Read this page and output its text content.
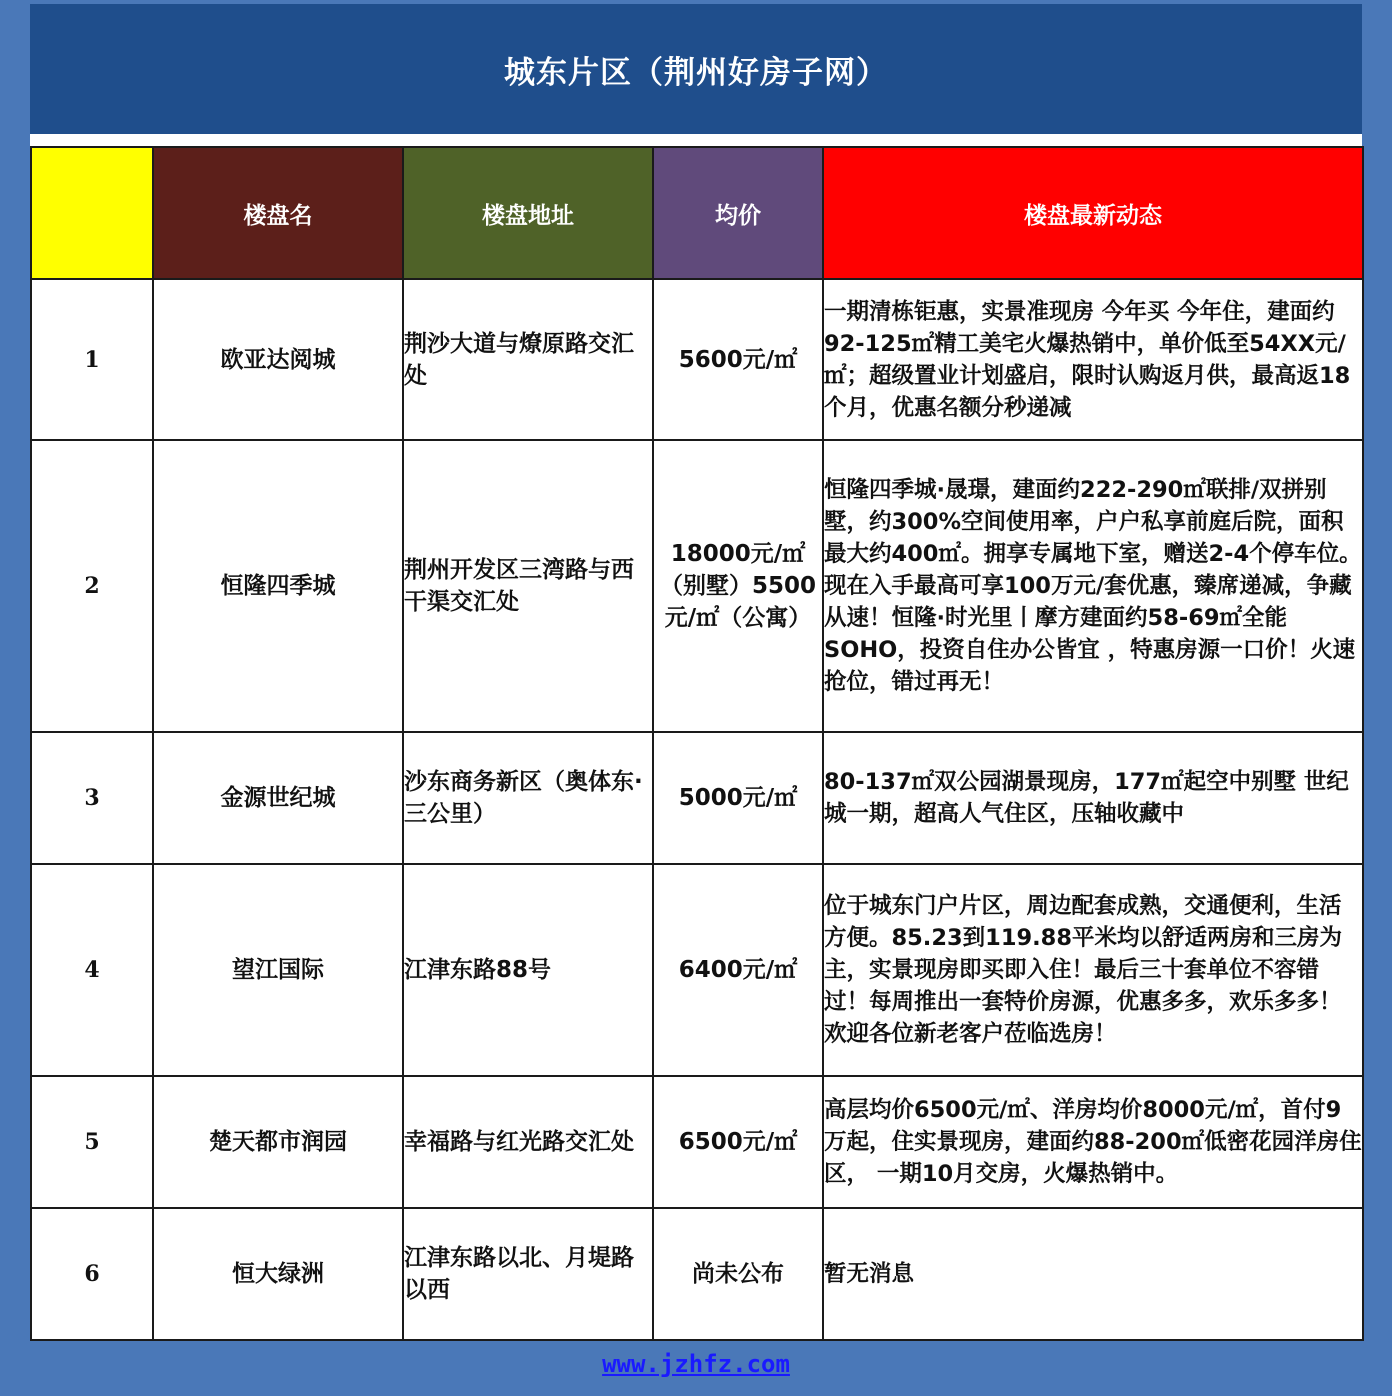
城东片区（荆州好房子网）
	楼盘名	楼盘地址	均价	楼盘最新动态
1	欧亚达阅城	荆沙大道与燎原路交汇处	5600元/㎡	一期清栋钜惠，实景准现房 今年买 今年住，建面约92-125㎡精工美宅火爆热销中，单价低至54XX元/㎡；超级置业计划盛启，限时认购返月供，最高返18个月，优惠名额分秒递减
2	恒隆四季城	荆州开发区三湾路与西干渠交汇处	18000元/㎡（别墅）5500元/㎡（公寓）	恒隆四季城·晟璟，建面约222-290㎡联排/双拼别墅，约300%空间使用率，户户私享前庭后院，面积最大约400㎡。拥享专属地下室，赠送2-4个停车位。现在入手最高可享100万元/套优惠，臻席递减，争藏从速！恒隆·时光里丨摩方建面约58-69㎡全能SOHO，投资自住办公皆宜 ，特惠房源一口价！火速抢位，错过再无！
3	金源世纪城	沙东商务新区（奥体东·三公里）	5000元/㎡	80-137㎡双公园湖景现房，177㎡起空中别墅 世纪城一期，超高人气住区，压轴收藏中
4	望江国际	江津东路88号	6400元/㎡	位于城东门户片区，周边配套成熟，交通便利，生活方便。85.23到119.88平米均以舒适两房和三房为主，实景现房即买即入住！最后三十套单位不容错过！每周推出一套特价房源，优惠多多，欢乐多多！欢迎各位新老客户莅临选房！
5	楚天都市润园	幸福路与红光路交汇处	6500元/㎡	高层均价6500元/㎡、洋房均价8000元/㎡，首付9万起，住实景现房，建面约88-200㎡低密花园洋房住区， 一期10月交房，火爆热销中。
6	恒大绿洲	江津东路以北、月堤路以西	尚未公布	暂无消息
www.jzhfz.com
